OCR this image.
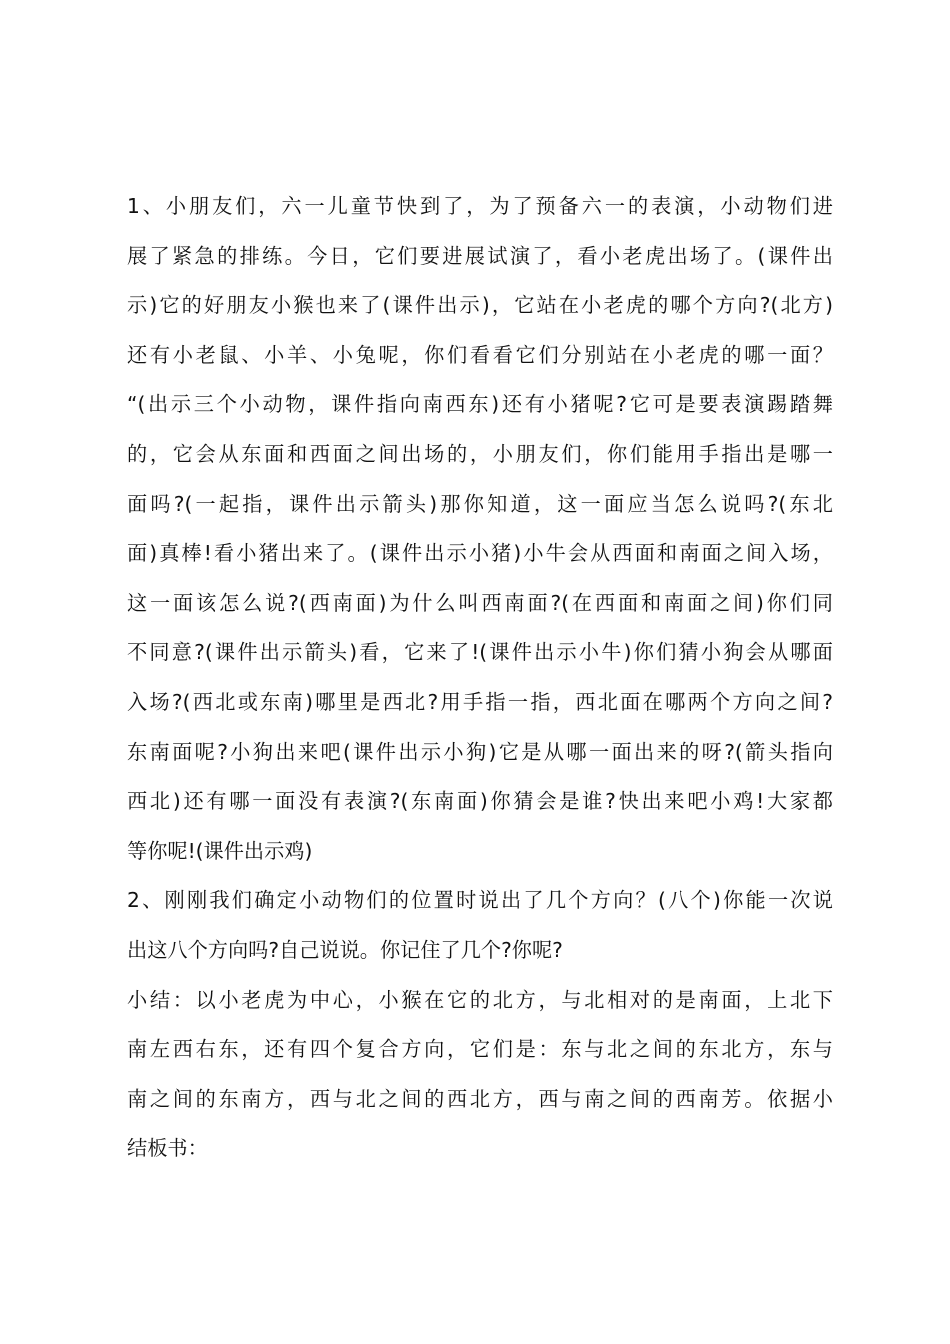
1、小朋友们，六一儿童节快到了，为了预备六一的表演，小动物们进
展了紧急的排练。今日，它们要进展试演了，看小老虎出场了。(课件出
示)它的好朋友小猴也来了(课件出示)，它站在小老虎的哪个方向?(北方)
还有小老鼠、小羊、小兔呢，你们看看它们分别站在小老虎的哪一面？
“(出示三个小动物，课件指向南西东)还有小猪呢?它可是要表演踢踏舞
的，它会从东面和西面之间出场的，小朋友们，你们能用手指出是哪一
面吗?(一起指，课件出示箭头)那你知道，这一面应当怎么说吗?(东北
面)真棒!看小猪出来了。(课件出示小猪)小牛会从西面和南面之间入场，
这一面该怎么说?(西南面)为什么叫西南面?(在西面和南面之间)你们同
不同意?(课件出示箭头)看，它来了!(课件出示小牛)你们猜小狗会从哪面
入场?(西北或东南)哪里是西北?用手指一指，西北面在哪两个方向之间?
东南面呢?小狗出来吧(课件出示小狗)它是从哪一面出来的呀?(箭头指向
西北)还有哪一面没有表演?(东南面)你猜会是谁?快出来吧小鸡!大家都
等你呢!(课件出示鸡)
2、刚刚我们确定小动物们的位置时说出了几个方向？(八个)你能一次说
出这八个方向吗?自己说说。你记住了几个?你呢?
小结：以小老虎为中心，小猴在它的北方，与北相对的是南面，上北下
南左西右东，还有四个复合方向，它们是：东与北之间的东北方，东与
南之间的东南方，西与北之间的西北方，西与南之间的西南芳。依据小
结板书：
